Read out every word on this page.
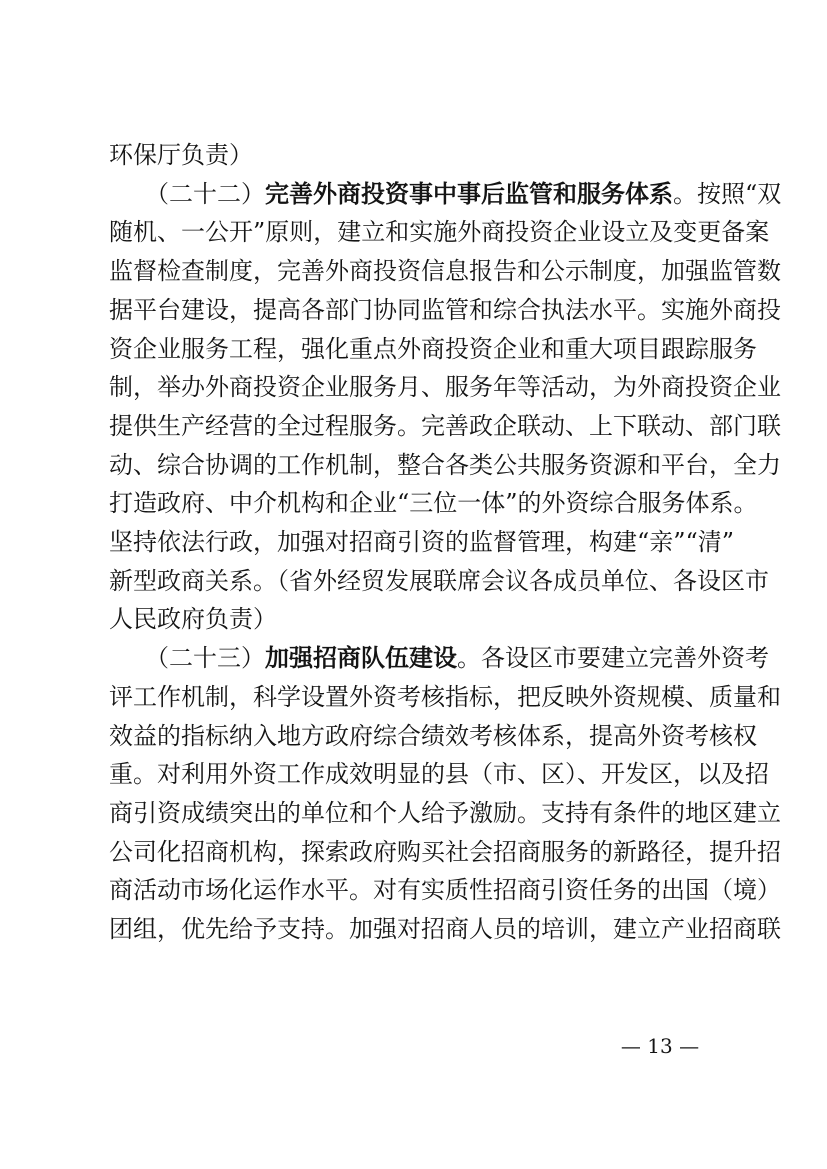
环保厅负责）
　　（二十二）完善外商投资事中事后监管和服务体系。按照“双
随机、一公开”原则，建立和实施外商投资企业设立及变更备案
监督检查制度，完善外商投资信息报告和公示制度，加强监管数
据平台建设，提高各部门协同监管和综合执法水平。实施外商投
资企业服务工程，强化重点外商投资企业和重大项目跟踪服务
制，举办外商投资企业服务月、服务年等活动，为外商投资企业
提供生产经营的全过程服务。完善政企联动、上下联动、部门联
动、综合协调的工作机制，整合各类公共服务资源和平台，全力
打造政府、中介机构和企业“三位一体”的外资综合服务体系。
坚持依法行政，加强对招商引资的监督管理，构建“亲”“清”
新型政商关系。（省外经贸发展联席会议各成员单位、各设区市
人民政府负责）
　　（二十三）加强招商队伍建设。各设区市要建立完善外资考
评工作机制，科学设置外资考核指标，把反映外资规模、质量和
效益的指标纳入地方政府综合绩效考核体系，提高外资考核权
重。对利用外资工作成效明显的县（市、区）、开发区，以及招
商引资成绩突出的单位和个人给予激励。支持有条件的地区建立
公司化招商机构，探索政府购买社会招商服务的新路径，提升招
商活动市场化运作水平。对有实质性招商引资任务的出国（境）
团组，优先给予支持。加强对招商人员的培训，建立产业招商联
— 13 —
